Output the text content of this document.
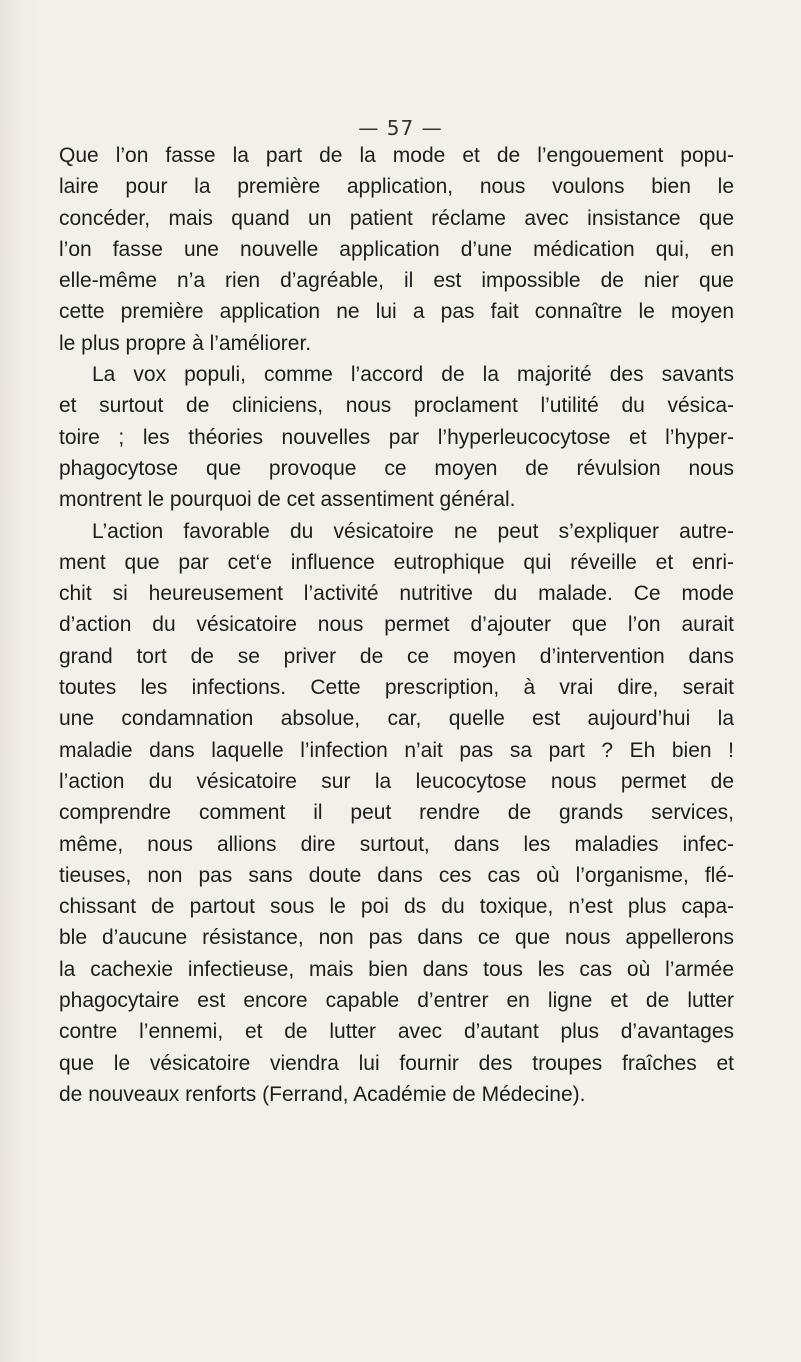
— 57 —
Que l’on fasse la part de la mode et de l’engouement popu-
laire pour la première application, nous voulons bien le
concéder, mais quand un patient réclame avec insistance que
l’on fasse une nouvelle application d’une médication qui, en
elle-même n’a rien d’agréable, il est impossible de nier que
cette première application ne lui a pas fait connaître le moyen
le plus propre à l’améliorer.
La vox populi, comme l’accord de la majorité des savants
et surtout de cliniciens, nous proclament l’utilité du vésica-
toire ; les théories nouvelles par l’hyperleucocytose et l’hyper-
phagocytose que provoque ce moyen de révulsion nous
montrent le pourquoi de cet assentiment général.
L’action favorable du vésicatoire ne peut s’expliquer autre-
ment que par cet‘e influence eutrophique qui réveille et enri-
chit si heureusement l’activité nutritive du malade. Ce mode
d’action du vésicatoire nous permet d’ajouter que l’on aurait
grand tort de se priver de ce moyen d’intervention dans
toutes les infections. Cette prescription, à vrai dire, serait
une condamnation absolue, car, quelle est aujourd’hui la
maladie dans laquelle l’infection n’ait pas sa part ? Eh bien !
l’action du vésicatoire sur la leucocytose nous permet de
comprendre comment il peut rendre de grands services,
même, nous allions dire surtout, dans les maladies infec-
tieuses, non pas sans doute dans ces cas où l’organisme, flé-
chissant de partout sous le poi ds du toxique, n’est plus capa-
ble d’aucune résistance, non pas dans ce que nous appellerons
la cachexie infectieuse, mais bien dans tous les cas où l’armée
phagocytaire est encore capable d’entrer en ligne et de lutter
contre l’ennemi, et de lutter avec d’autant plus d’avantages
que le vésicatoire viendra lui fournir des troupes fraîches et
de nouveaux renforts (Ferrand, Académie de Médecine).
